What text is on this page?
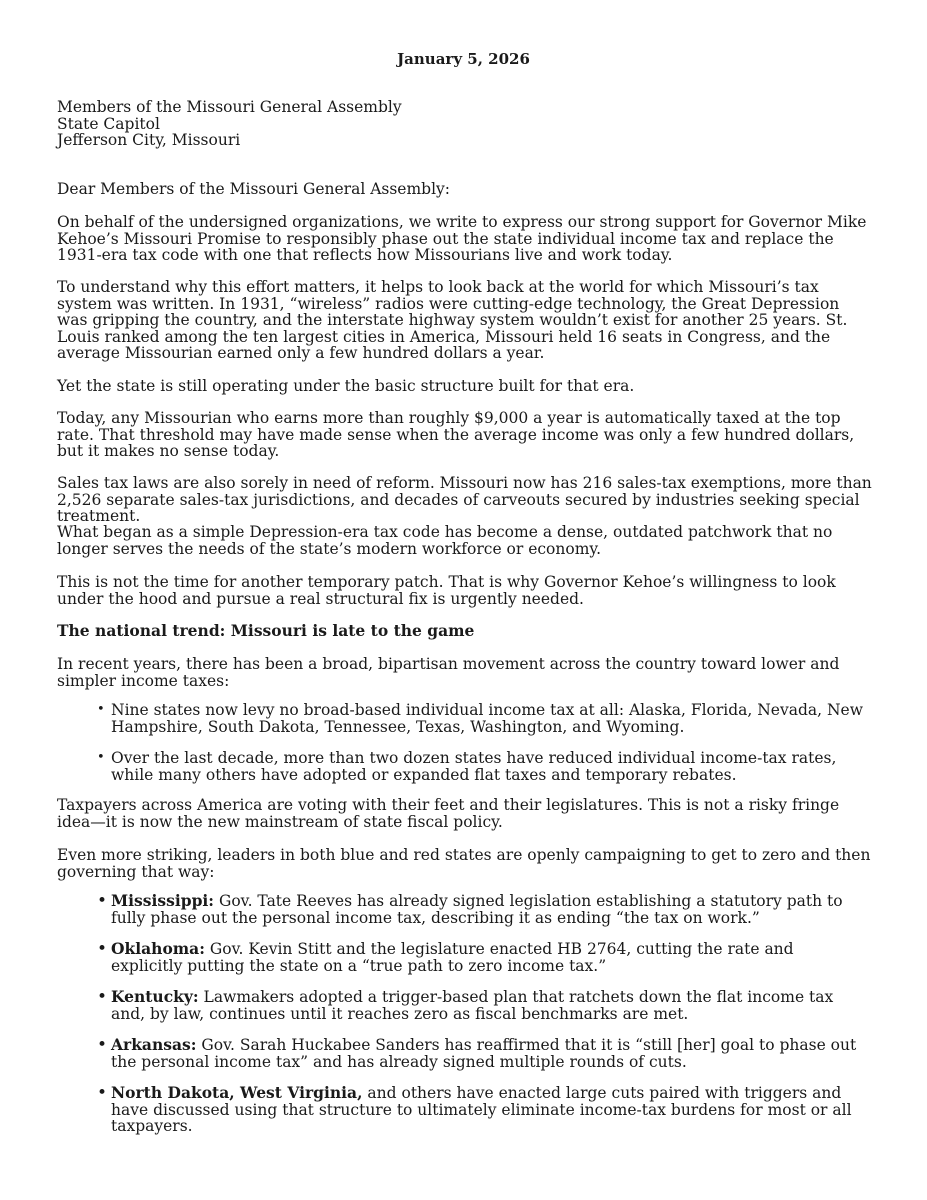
January 5, 2026

Members of the Missouri General Assembly
State Capitol
Jefferson City, Missouri

Dear Members of the Missouri General Assembly:

On behalf of the undersigned organizations, we write to express our strong support for Governor Mike Kehoe’s Missouri Promise to responsibly phase out the state individual income tax and replace the 1931-era tax code with one that reflects how Missourians live and work today.

To understand why this effort matters, it helps to look back at the world for which Missouri’s tax system was written. In 1931, “wireless” radios were cutting-edge technology, the Great Depression was gripping the country, and the interstate highway system wouldn’t exist for another 25 years. St. Louis ranked among the ten largest cities in America, Missouri held 16 seats in Congress, and the average Missourian earned only a few hundred dollars a year.

Yet the state is still operating under the basic structure built for that era.

Today, any Missourian who earns more than roughly $9,000 a year is automatically taxed at the top rate. That threshold may have made sense when the average income was only a few hundred dollars, but it makes no sense today.

Sales tax laws are also sorely in need of reform. Missouri now has 216 sales-tax exemptions, more than 2,526 separate sales-tax jurisdictions, and decades of carveouts secured by industries seeking special treatment.

What began as a simple Depression-era tax code has become a dense, outdated patchwork that no longer serves the needs of the state’s modern workforce or economy.

This is not the time for another temporary patch. That is why Governor Kehoe’s willingness to look under the hood and pursue a real structural fix is urgently needed.

The national trend: Missouri is late to the game

In recent years, there has been a broad, bipartisan movement across the country toward lower and simpler income taxes:

• Nine states now levy no broad-based individual income tax at all: Alaska, Florida, Nevada, New Hampshire, South Dakota, Tennessee, Texas, Washington, and Wyoming.
• Over the last decade, more than two dozen states have reduced individual income-tax rates, while many others have adopted or expanded flat taxes and temporary rebates.

Taxpayers across America are voting with their feet and their legislatures. This is not a risky fringe idea—it is now the new mainstream of state fiscal policy.

Even more striking, leaders in both blue and red states are openly campaigning to get to zero and then governing that way:

• Mississippi: Gov. Tate Reeves has already signed legislation establishing a statutory path to fully phase out the personal income tax, describing it as ending “the tax on work.”
• Oklahoma: Gov. Kevin Stitt and the legislature enacted HB 2764, cutting the rate and explicitly putting the state on a “true path to zero income tax.”
• Kentucky: Lawmakers adopted a trigger-based plan that ratchets down the flat income tax and, by law, continues until it reaches zero as fiscal benchmarks are met.
• Arkansas: Gov. Sarah Huckabee Sanders has reaffirmed that it is “still [her] goal to phase out the personal income tax” and has already signed multiple rounds of cuts.
• North Dakota, West Virginia, and others have enacted large cuts paired with triggers and have discussed using that structure to ultimately eliminate income-tax burdens for most or all taxpayers.
